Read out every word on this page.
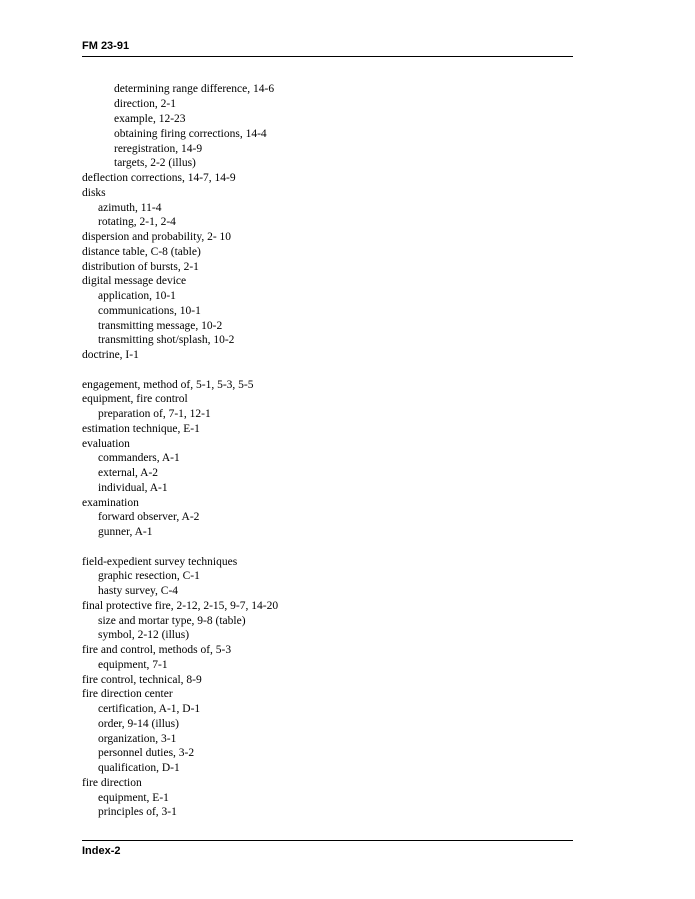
FM 23-91
determining range difference, 14-6
direction, 2-1
example, 12-23
obtaining firing corrections, 14-4
reregistration, 14-9
targets, 2-2 (illus)
deflection corrections, 14-7, 14-9
disks
azimuth, 11-4
rotating, 2-1, 2-4
dispersion and probability, 2- 10
distance table, C-8 (table)
distribution of bursts, 2-1
digital message device
application, 10-1
communications, 10-1
transmitting message, 10-2
transmitting shot/splash, 10-2
doctrine, I-1
engagement, method of, 5-1, 5-3, 5-5
equipment, fire control
preparation of, 7-1, 12-1
estimation technique, E-1
evaluation
commanders, A-1
external, A-2
individual, A-1
examination
forward observer, A-2
gunner, A-1
field-expedient survey techniques
graphic resection, C-1
hasty survey, C-4
final protective fire, 2-12, 2-15, 9-7, 14-20
size and mortar type, 9-8 (table)
symbol, 2-12 (illus)
fire and control, methods of, 5-3
equipment, 7-1
fire control, technical, 8-9
fire direction center
certification, A-1, D-1
order, 9-14 (illus)
organization, 3-1
personnel duties, 3-2
qualification, D-1
fire direction
equipment, E-1
principles of, 3-1
Index-2
